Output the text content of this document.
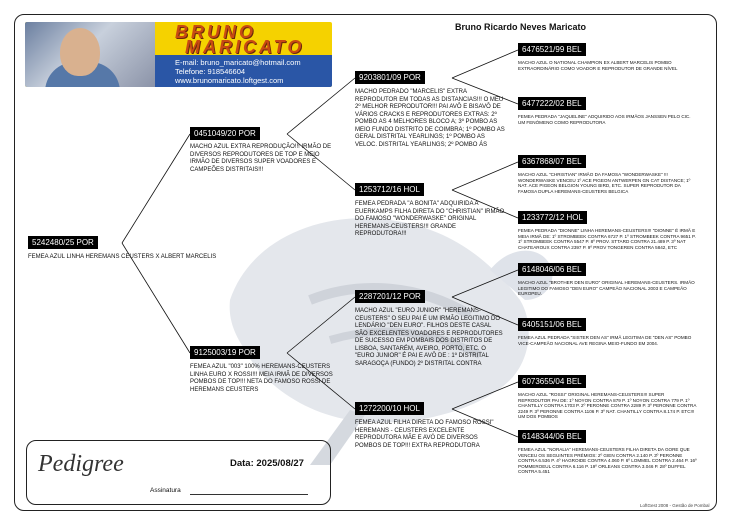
BRUNO
MARICATO
E-mail: bruno_maricato@hotmail.com
Telefone: 918546604
www.brunomaricato.loftgest.com
Bruno Ricardo Neves Maricato
5242480/25 POR
FEMEA AZUL LINHA HEREMANS CEUSTERS X ALBERT MARCELIS
0451049/20 POR
MACHO AZUL EXTRA REPRODUÇÃO!!! IRMÃO DE DIVERSOS REPRODUTORES DE TOP E MEIO IRMÃO DE DIVERSOS SUPER VOADORES E CAMPEÕES DISTRITAIS!!!
9125003/19 POR
FEMEA AZUL "003" 100% HEREMANS-CEUSTERS LINHA EURO X ROSSI!!! MEIA IRMÃ DE DIVERSOS POMBOS DE TOP!!! NETA DO FAMOSO ROSSI DE HEREMANS CEUSTERS
9203801/09 POR
MACHO PEDRADO "MARCELIS" EXTRA REPRODUTOR EM TODAS AS DISTANCIAS!!! O MEU 2º MELHOR REPRODUTOR!!! PAI AVÔ E BISAVÔ DE VÁRIOS CRACKS E REPRODUTORES EXTRAS: 2º POMBO AS 4 MELHORES BLOCO A; 3º POMBO AS MEIO FUNDO DISTRITO DE COIMBRA; 1º POMBO AS GERAL DISTRITAL YEARLINGS; 1º POMBO AS VELOC. DISTRITAL YEARLINGS; 2º POMBO ÁS
1253712/16 HOL
FEMEA PEDRADA "A BONITA" ADQUIRIDA A EUERKAMPS FILHA DIRETA DO "CHRISTIAN" IRMÃO DO FAMOSO "WONDERWASKE" ORIGINAL HEREMANS-CEUSTERS!!! GRANDE REPRODUTORA!!!
2287201/12 POR
MACHO AZUL "EURO JUNIOR" "HEREMANS-CEUSTERS" O SEU PAI É UM IRMÃO LEGITIMO DO LENDÁRIO "DEN EURO". FILHOS DESTE CASAL SÃO EXCELENTES VOADORES E REPRODUTORES DE SUCESSO EM POMBAIS DOS DISTRITOS DE LISBOA, SANTARÉM, AVEIRO, PORTO, ETC. O "EURO JUNIOR" É PAI E AVÔ DE : 1º DISTRITAL SARAGOÇA (FUNDO) 2º DISTRITAL CONTRA
1272200/10 HOL
FEMEA AZUL FILHA DIRETA DO FAMOSO ROSSI" HEREMANS - CEUSTERS EXCELENTE REPRODUTORA MÃE E AVÓ DE DIVERSOS POMBOS DE TOP!!! EXTRA REPRODUTORA
6476521/99 BEL
MACHO AZUL O NATIONAL CHAMPION EX ALBERT MARCELIS POMBO EXTRAORDINÁRIO COMO VOADOR E REPRODUTOR DE GRANDE NÍVEL
6477222/02 BEL
FEMEA PEDRADA "JAQUELINE" ADQUIRIDO AOS IRMÃOS JANSSEN PELO CIC. UM FENÓMENO COMO REPRODUTORA
6367868/07 BEL
MACHO AZUL "CHRISTIAN" IRMÃO DA FAMOSA "WONDERWASKE" !!! WONDERWASKE VENCEU 1º ACE PIGEON ANTWERPEN GN CAT DISTANCE; 1º NAT. ACE PIGEON BELGION YOUNG BIRD, ETC. SUPER REPRODUTOR DA FAMOSA DUPLA HEREMANS-CEUSTERS BELGICA
1233772/12 HOL
FEMEA PEDRADA "DIONNE" LINHA HEREMANS-CEUSTERS!!! "DIONNE" É IRMÃ E MEIA IRMÃ DE: 1º STROMBEEK CONTRA 6727 P. 1º STROMBEEK CONTRA 9651 P. 1º STROMBEEK CONTRA 5547 P. 8º PROV. STTARD CONTRA 21.489 P. 3º NAT CHATEAROUX CONTRA 2397 P. 9º PROV TONGEREN CONTRA 5842, ETC
6148046/06 BEL
MACHO AZUL "BROTHER DEN EURO" ORIGINAL HEREMANS-CEUSTERS. IRMÃO LEGITIMO DO FAMOSO "DEN EURO" CAMPEÃO NACIONAL 2003 E CAMPEÃO EUROPEU.
6405151/06 BEL
FEMEA AZUL PEDRADA "SISTER DEN AS" IRMÃ LEGITIMA DE "DEN AS" POMBO VICE-CAMPEÃO NACIONAL AVE REGINA MEIO-FUNDO EM 2004.
6073655/04 BEL
MACHO AZUL "ROSSI" ORIGINAL HEREMANS-CEUSTERS!!! SUPER REPRODUTOR PAI DE: 1º NOYON CONTRA 879 P. 1º NOYON CONTRA 779 P. 1º CHANTILLY CONTRA 1703 P. 2º PERONNE CONTRA 2289 P. 3º PERONNE CONTRA 2249 P. 3º PERONNE CONTRA 1106 P. 3º NAT. CHANTILLY CONTRA 8.174 P. ETC!!! UM DOS POMBOS
6148344/06 BEL
FEMEA AZUL "NORALIA" HEREMANS-CEUSTERS FILHA DIRETA DA GORE QUE VENCEU OS SEGUINTES PRÉMIOS: 2º GIEN CONTRA 2.140 P. 3º PERONNE CONTRA 6.536 P. 4º HAGROIDE CONTRA 4.060 P. 6º LOMMEL CONTRA 2.464 P. 16º POMMEROEUL CONTRA 6.116 P. 19º ORLEANS CONTRA 3.046 P. 28º DUFFEL CONTRA 5.451
Pedigree	Data: 2025/08/27
Assinatura
LoftGest 2008 - Gestão de Pombal
